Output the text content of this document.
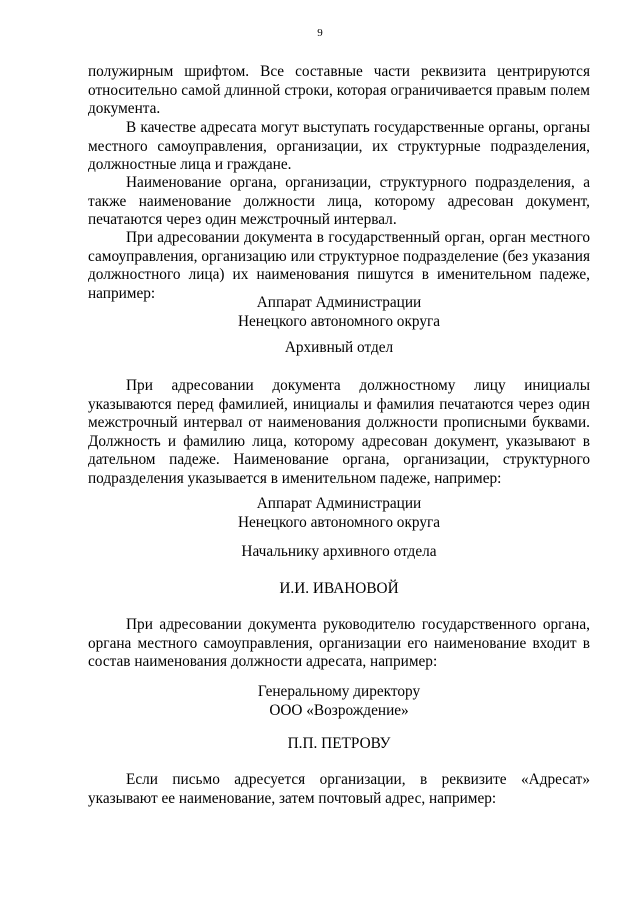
9
полужирным шрифтом. Все составные части реквизита центрируются относительно самой длинной строки, которая ограничивается правым полем документа.
В качестве адресата могут выступать государственные органы, органы местного самоуправления, организации, их структурные подразделения, должностные лица и граждане.
Наименование органа, организации, структурного подразделения, а также наименование должности лица, которому адресован документ, печатаются через один межстрочный интервал.
При адресовании документа в государственный орган, орган местного самоуправления, организацию или структурное подразделение (без указания должностного лица) их наименования пишутся в именительном падеже, например:
Аппарат Администрации
Ненецкого автономного округа
Архивный отдел
При адресовании документа должностному лицу инициалы указываются перед фамилией, инициалы и фамилия печатаются через один межстрочный интервал от наименования должности прописными буквами. Должность и фамилию лица, которому адресован документ, указывают в дательном падеже. Наименование органа, организации, структурного подразделения указывается в именительном падеже, например:
Аппарат Администрации
Ненецкого автономного округа
Начальнику архивного отдела
И.И. ИВАНОВОЙ
При адресовании документа руководителю государственного органа, органа местного самоуправления, организации его наименование входит в состав наименования должности адресата, например:
Генеральному директору
ООО «Возрождение»
П.П. ПЕТРОВУ
Если письмо адресуется организации, в реквизите «Адресат» указывают ее наименование, затем почтовый адрес, например:
